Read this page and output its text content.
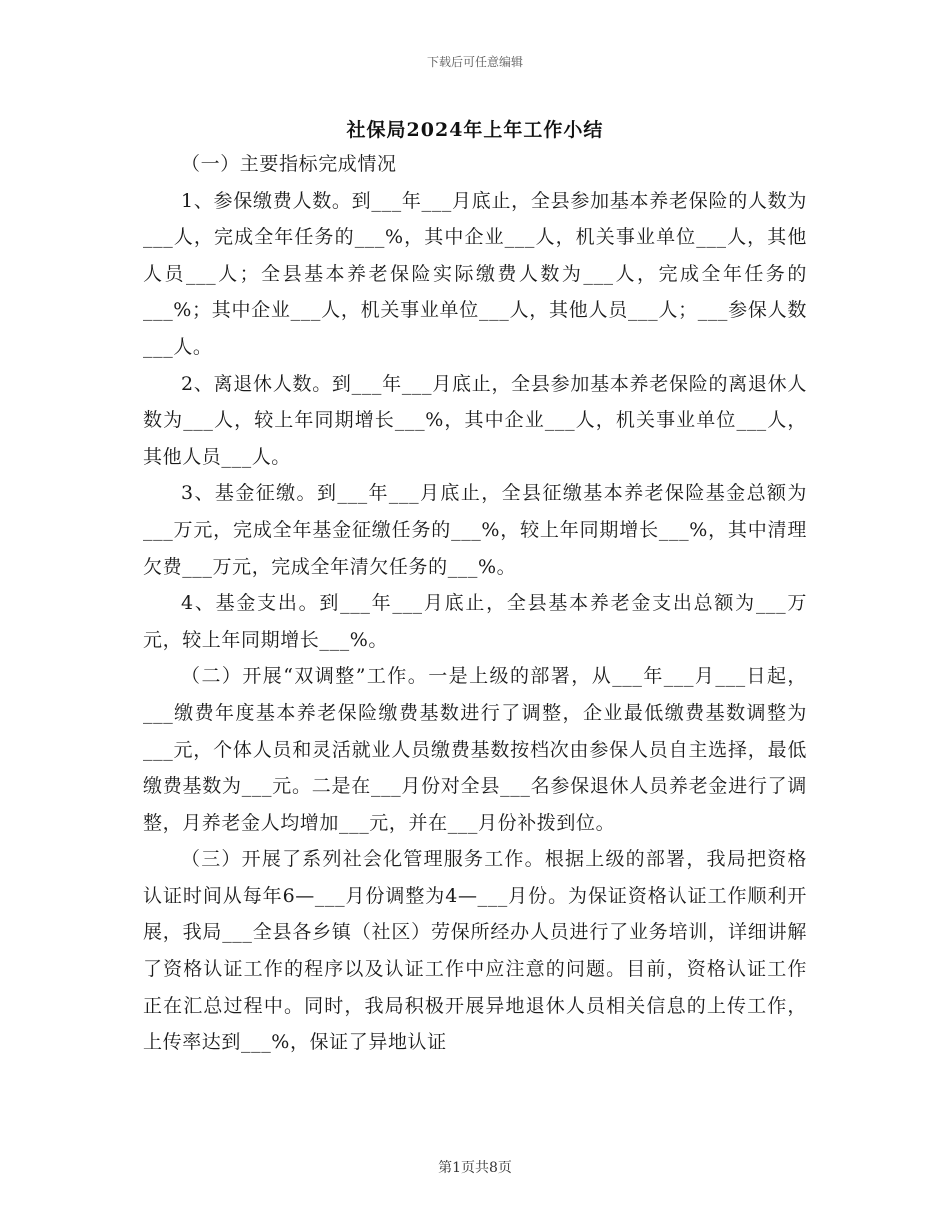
下载后可任意编辑
社保局2024年上年工作小结

（一）主要指标完成情况

1、参保缴费人数。到___年___月底止，全县参加基本养老保险的人数为___人，完成全年任务的___%，其中企业___人，机关事业单位___人，其他人员___人；全县基本养老保险实际缴费人数为___人，完成全年任务的___%；其中企业___人，机关事业单位___人，其他人员___人；___参保人数___人。

2、离退休人数。到___年___月底止，全县参加基本养老保险的离退休人数为___人，较上年同期增长___%，其中企业___人，机关事业单位___人，其他人员___人。

3、基金征缴。到___年___月底止，全县征缴基本养老保险基金总额为___万元，完成全年基金征缴任务的___%，较上年同期增长___%，其中清理欠费___万元，完成全年清欠任务的___%。

4、基金支出。到___年___月底止，全县基本养老金支出总额为___万元，较上年同期增长___%。

（二）开展“双调整”工作。一是上级的部署，从___年___月___日起，___缴费年度基本养老保险缴费基数进行了调整，企业最低缴费基数调整为___元，个体人员和灵活就业人员缴费基数按档次由参保人员自主选择，最低缴费基数为___元。二是在___月份对全县___名参保退休人员养老金进行了调整，月养老金人均增加___元，并在___月份补拨到位。

（三）开展了系列社会化管理服务工作。根据上级的部署，我局把资格认证时间从每年6—___月份调整为4—___月份。为保证资格认证工作顺利开展，我局___全县各乡镇（社区）劳保所经办人员进行了业务培训，详细讲解了资格认证工作的程序以及认证工作中应注意的问题。目前，资格认证工作正在汇总过程中。同时，我局积极开展异地退休人员相关信息的上传工作，上传率达到___%，保证了异地认证

第1页共8页
